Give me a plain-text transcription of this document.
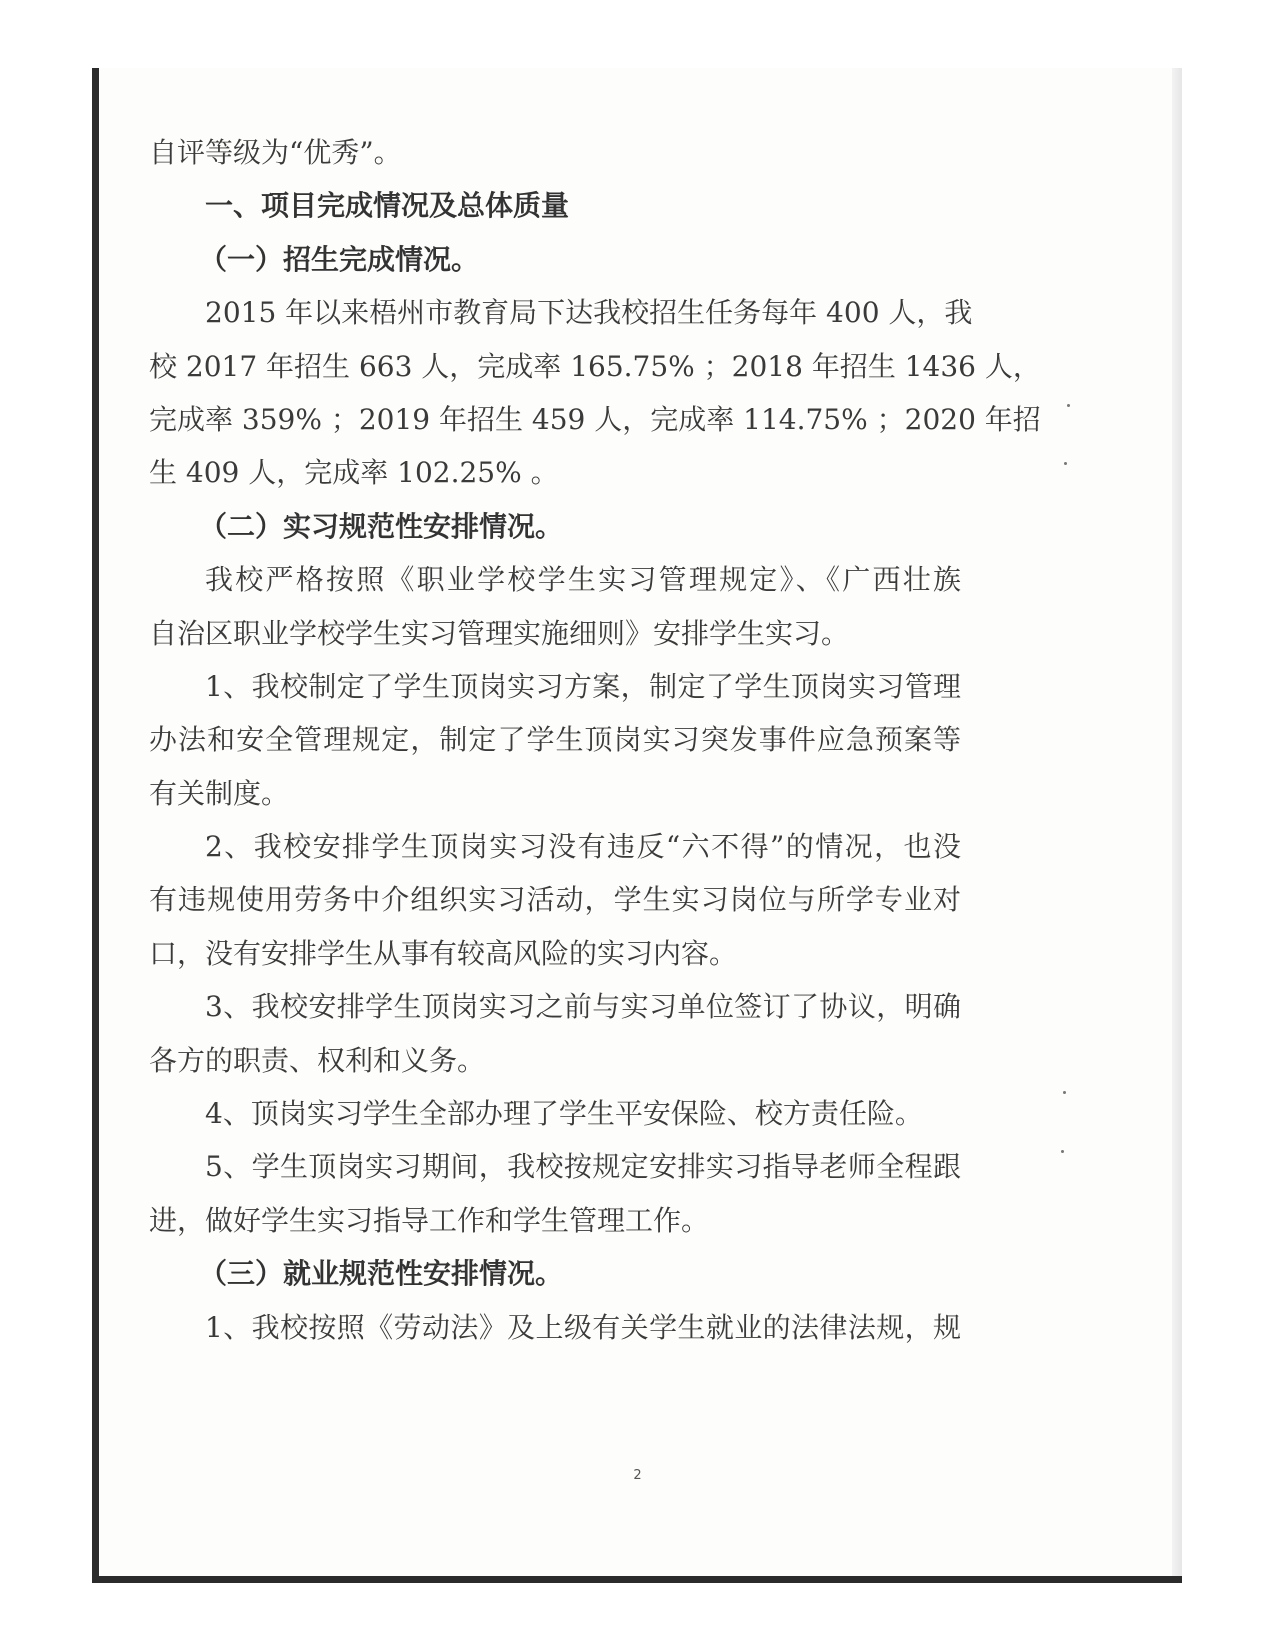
自评等级为“优秀”。
一、项目完成情况及总体质量
（一）招生完成情况。
2015 年以来梧州市教育局下达我校招生任务每年 400 人，我
校 2017 年招生 663 人，完成率 165.75% ；2018 年招生 1436 人，
完成率 359% ；2019 年招生 459 人，完成率 114.75% ；2020 年招
生 409 人，完成率 102.25% 。
（二）实习规范性安排情况。
我校严格按照《职业学校学生实习管理规定》、《广西壮族
自治区职业学校学生实习管理实施细则》安排学生实习。
1、我校制定了学生顶岗实习方案，制定了学生顶岗实习管理
办法和安全管理规定，制定了学生顶岗实习突发事件应急预案等
有关制度。
2、我校安排学生顶岗实习没有违反“六不得”的情况，也没
有违规使用劳务中介组织实习活动，学生实习岗位与所学专业对
口，没有安排学生从事有较高风险的实习内容。
3、我校安排学生顶岗实习之前与实习单位签订了协议，明确
各方的职责、权利和义务。
4、顶岗实习学生全部办理了学生平安保险、校方责任险。
5、学生顶岗实习期间，我校按规定安排实习指导老师全程跟
进，做好学生实习指导工作和学生管理工作。
（三）就业规范性安排情况。
1、我校按照《劳动法》及上级有关学生就业的法律法规，规
2
